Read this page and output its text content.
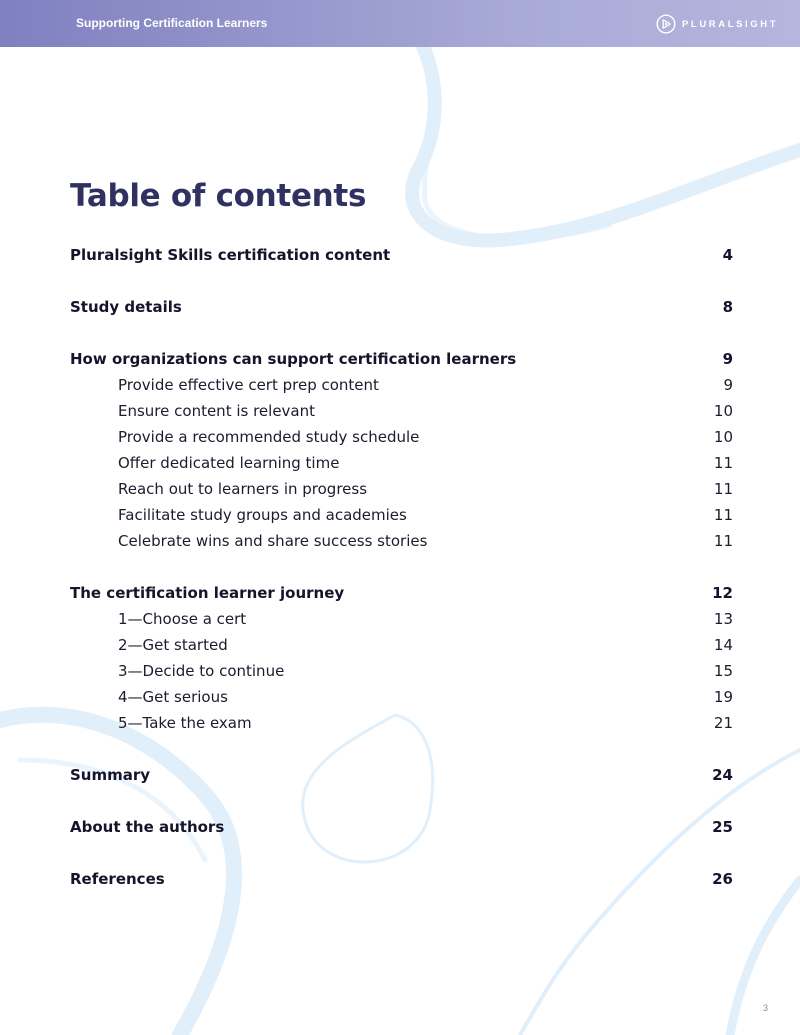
Supporting Certification Learners	PLURALSIGHT
Table of contents
Pluralsight Skills certification content	4
Study details	8
How organizations can support certification learners	9
Provide effective cert prep content	9
Ensure content is relevant	10
Provide a recommended study schedule	10
Offer dedicated learning time	11
Reach out to learners in progress	11
Facilitate study groups and academies	11
Celebrate wins and share success stories	11
The certification learner journey	12
1—Choose a cert	13
2—Get started	14
3—Decide to continue	15
4—Get serious	19
5—Take the exam	21
Summary	24
About the authors	25
References	26
3
